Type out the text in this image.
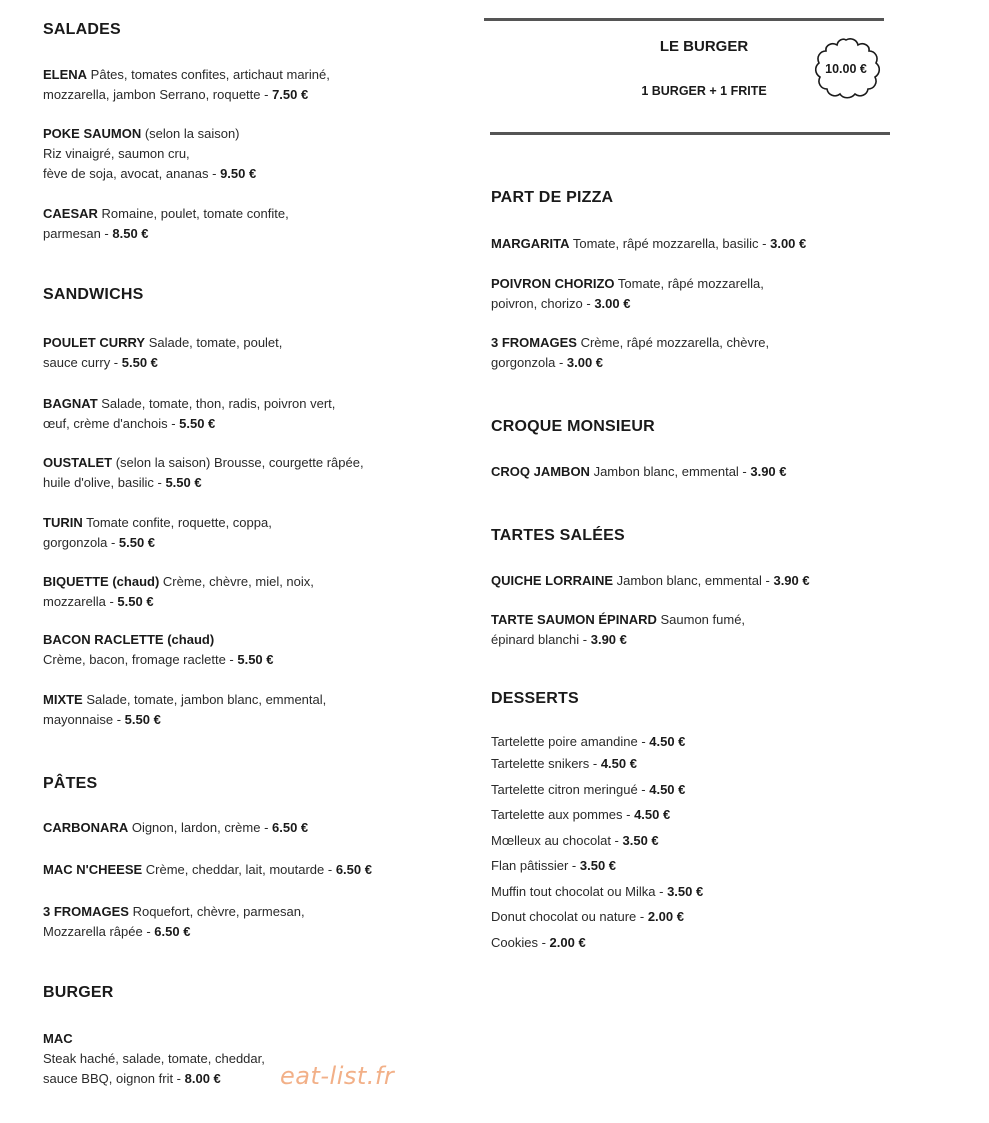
SALADES

ELENA Pâtes, tomates confites, artichaut mariné,
mozzarella, jambon Serrano, roquette - 7.50 €

POKE SAUMON (selon la saison)
Riz vinaigré, saumon cru,
fève de soja, avocat, ananas - 9.50 €

CAESAR Romaine, poulet, tomate confite,
parmesan - 8.50 €

SANDWICHS

POULET CURRY Salade, tomate, poulet,
sauce curry - 5.50 €

BAGNAT Salade, tomate, thon, radis, poivron vert,
œuf, crème d'anchois - 5.50 €

OUSTALET (selon la saison) Brousse, courgette râpée,
huile d'olive, basilic - 5.50 €

TURIN Tomate confite, roquette, coppa,
gorgonzola - 5.50 €

BIQUETTE (chaud) Crème, chèvre, miel, noix,
mozzarella - 5.50 €

BACON RACLETTE (chaud)
Crème, bacon, fromage raclette - 5.50 €

MIXTE Salade, tomate, jambon blanc, emmental,
mayonnaise - 5.50 €

PÂTES

CARBONARA Oignon, lardon, crème - 6.50 €

MAC N'CHEESE Crème, cheddar, lait, moutarde - 6.50 €

3 FROMAGES Roquefort, chèvre, parmesan,
Mozzarella râpée - 6.50 €

BURGER

MAC
Steak haché, salade, tomate, cheddar,
sauce BBQ, oignon frit - 8.00 €	eat-list.fr
LE BURGER
1 BURGER + 1 FRITE
10.00 €
PART DE PIZZA

MARGARITA Tomate, râpé mozzarella, basilic - 3.00 €

POIVRON CHORIZO Tomate, râpé mozzarella,
poivron, chorizo - 3.00 €

3 FROMAGES Crème, râpé mozzarella, chèvre,
gorgonzola - 3.00 €

CROQUE MONSIEUR

CROQ JAMBON Jambon blanc, emmental - 3.90 €

TARTES SALÉES

QUICHE LORRAINE Jambon blanc, emmental - 3.90 €

TARTE SAUMON ÉPINARD Saumon fumé,
épinard blanchi - 3.90 €

DESSERTS

Tartelette poire amandine - 4.50 €

Tartelette snikers - 4.50 €

Tartelette citron meringué - 4.50 €

Tartelette aux pommes - 4.50 €

Mœlleux au chocolat - 3.50 €

Flan pâtissier - 3.50 €

Muffin tout chocolat ou Milka - 3.50 €

Donut chocolat ou nature - 2.00 €

Cookies - 2.00 €
